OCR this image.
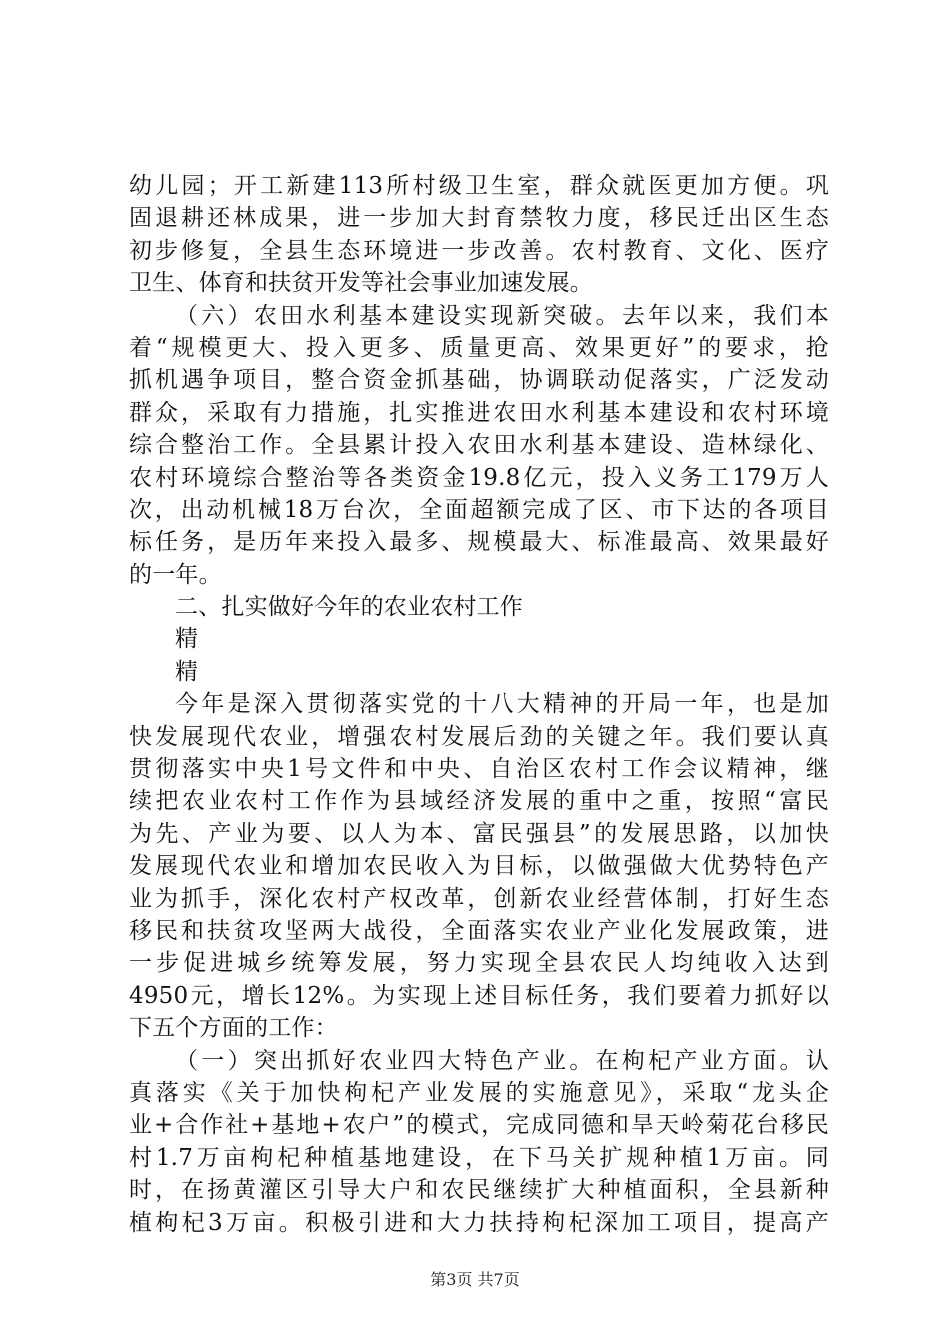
幼儿园；开工新建113所村级卫生室，群众就医更加方便。巩
固退耕还林成果，进一步加大封育禁牧力度，移民迁出区生态
初步修复，全县生态环境进一步改善。农村教育、文化、医疗
卫生、体育和扶贫开发等社会事业加速发展。
（六）农田水利基本建设实现新突破。去年以来，我们本
着“规模更大、投入更多、质量更高、效果更好”的要求，抢
抓机遇争项目，整合资金抓基础，协调联动促落实，广泛发动
群众，采取有力措施，扎实推进农田水利基本建设和农村环境
综合整治工作。全县累计投入农田水利基本建设、造林绿化、
农村环境综合整治等各类资金19.8亿元，投入义务工179万人
次，出动机械18万台次，全面超额完成了区、市下达的各项目
标任务，是历年来投入最多、规模最大、标准最高、效果最好
的一年。
二、扎实做好今年的农业农村工作
精
精
今年是深入贯彻落实党的十八大精神的开局一年，也是加
快发展现代农业，增强农村发展后劲的关键之年。我们要认真
贯彻落实中央1号文件和中央、自治区农村工作会议精神，继
续把农业农村工作作为县域经济发展的重中之重，按照“富民
为先、产业为要、以人为本、富民强县”的发展思路，以加快
发展现代农业和增加农民收入为目标，以做强做大优势特色产
业为抓手，深化农村产权改革，创新农业经营体制，打好生态
移民和扶贫攻坚两大战役，全面落实农业产业化发展政策，进
一步促进城乡统筹发展，努力实现全县农民人均纯收入达到
4950元，增长12%。为实现上述目标任务，我们要着力抓好以
下五个方面的工作：
（一）突出抓好农业四大特色产业。在枸杞产业方面。认
真落实《关于加快枸杞产业发展的实施意见》，采取“龙头企
业+合作社+基地+农户”的模式，完成同德和旱天岭菊花台移民
村1.7万亩枸杞种植基地建设，在下马关扩规种植1万亩。同
时，在扬黄灌区引导大户和农民继续扩大种植面积，全县新种
植枸杞3万亩。积极引进和大力扶持枸杞深加工项目，提高产
第3页 共7页
